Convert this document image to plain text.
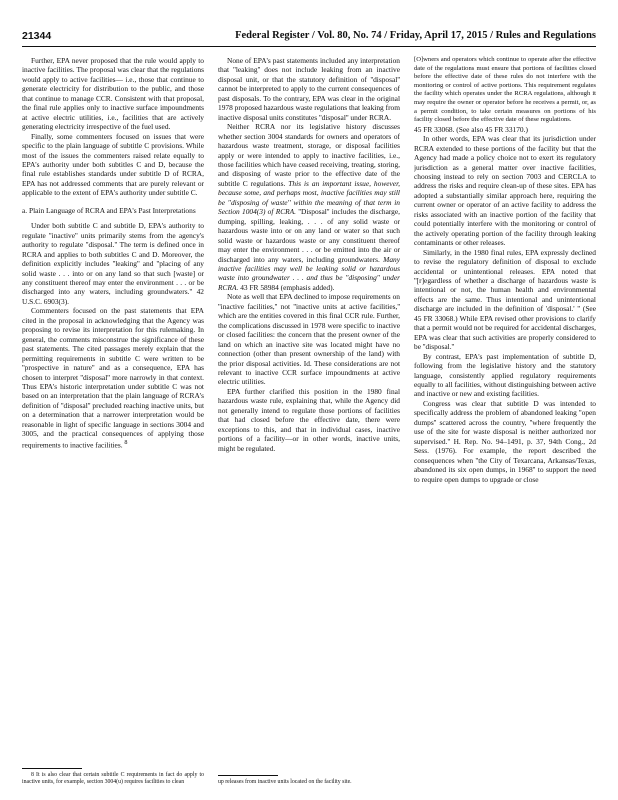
21344	Federal Register / Vol. 80, No. 74 / Friday, April 17, 2015 / Rules and Regulations

Further, EPA never proposed that the rule would apply to inactive facilities. The proposal was clear that the regulations would apply to active facilities— i.e., those that continue to generate electricity for distribution to the public, and those that continue to manage CCR. Consistent with that proposal, the final rule applies only to inactive surface impoundments at active electric utilities, i.e., facilities that are actively generating electricity irrespective of the fuel used.

Finally, some commenters focused on issues that were specific to the plain language of subtitle C provisions. While most of the issues the commenters raised relate equally to EPA's authority under both subtitles C and D, because the final rule establishes standards under subtitle D of RCRA, EPA has not addressed comments that are purely relevant or applicable to the extent of EPA's authority under subtitle C.

a. Plain Language of RCRA and EPA's Past Interpretations

Under both subtitle C and subtitle D, EPA's authority to regulate ''inactive'' units primarily stems from the agency's authority to regulate ''disposal.'' The term is defined once in RCRA and applies to both subtitles C and D. Moreover, the definition explicitly includes ''leaking'' and ''placing of any solid waste . . . into or on any land so that such [waste] or any constituent thereof may enter the environment . . . or be discharged into any waters, including groundwaters.'' 42 U.S.C. 6903(3).

Commenters focused on the past statements that EPA cited in the proposal in acknowledging that the Agency was proposing to revise its interpretation for this rulemaking. In general, the comments misconstrue the significance of these past statements. The cited passages merely explain that the permitting requirements in subtitle C were written to be ''prospective in nature'' and as a consequence, EPA has chosen to interpret ''disposal'' more narrowly in that context. Thus EPA's historic interpretation under subtitle C was not based on an interpretation that the plain language of RCRA's definition of ''disposal'' precluded reaching inactive units, but on a determination that a narrower interpretation would be reasonable in light of specific language in sections 3004 and 3005, and the practical consequences of applying those requirements to inactive facilities. $^8$

8 It is also clear that certain subtitle C requirements in fact do apply to inactive units, for example, section 3004(u) requires facilities to clean

None of EPA's past statements included any interpretation that ''leaking'' does not include leaking from an inactive disposal unit, or that the statutory definition of ''disposal'' cannot be interpreted to apply to the current consequences of past disposals. To the contrary, EPA was clear in the original 1978 proposed hazardous waste regulations that leaking from inactive disposal units constitutes ''disposal'' under RCRA.

Neither RCRA nor its legislative history discusses whether section 3004 standards for owners and operators of hazardous waste treatment, storage, or disposal facilities apply or were intended to apply to inactive facilities, i.e., those facilities which have ceased receiving, treating, storing, and disposing of waste prior to the effective date of the subtitle C regulations. This is an important issue, however, because some, and perhaps most, inactive facilities may still be ''disposing of waste'' within the meaning of that term in Section 1004(3) of RCRA. ''Disposal'' includes the discharge, dumping, spilling, leaking, . . . of any solid waste or hazardous waste into or on any land or water so that such solid waste or hazardous waste or any constituent thereof may enter the environment . . . or be emitted into the air or discharged into any waters, including groundwaters. Many inactive facilities may well be leaking solid or hazardous waste into groundwater . . . and thus be ''disposing'' under RCRA. 43 FR 58984 (emphasis added).

Note as well that EPA declined to impose requirements on ''inactive facilities,'' not ''inactive units at active facilities,'' which are the entities covered in this final CCR rule. Further, the complications discussed in 1978 were specific to inactive or closed facilities: the concern that the present owner of the land on which an inactive site was located might have no connection (other than present ownership of the land) with the prior disposal activities. Id. These considerations are not relevant to inactive CCR surface impoundments at active electric utilities.

EPA further clarified this position in the 1980 final hazardous waste rule, explaining that, while the Agency did not generally intend to regulate those portions of facilities that had closed before the effective date, there were exceptions to this, and that in individual cases, inactive portions of a facility—or in other words, inactive units, might be regulated.

up releases from inactive units located on the facility site.

[O]wners and operators which continue to operate after the effective date of the regulations must ensure that portions of facilities closed before the effective date of these rules do not interfere with the monitoring or control of active portions. This requirement regulates the facility which operates under the RCRA regulations, although it may require the owner or operator before he receives a permit, or, as a permit condition, to take certain measures on portions of his facility closed before the effective date of these regulations.

45 FR 33068. (See also 45 FR 33170.)

In other words, EPA was clear that its jurisdiction under RCRA extended to these portions of the facility but that the Agency had made a policy choice not to exert its regulatory jurisdiction as a general matter over inactive facilities, choosing instead to rely on section 7003 and CERCLA to address the risks and require clean-up of these sites. EPA has adopted a substantially similar approach here, requiring the current owner or operator of an active facility to address the risks associated with an inactive portion of the facility that could potentially interfere with the monitoring or control of the actively operating portion of the facility through leaking contaminants or other releases.

Similarly, in the 1980 final rules, EPA expressly declined to revise the regulatory definition of disposal to exclude accidental or unintentional releases. EPA noted that ''[r]egardless of whether a discharge of hazardous waste is intentional or not, the human health and environmental effects are the same. Thus intentional and unintentional discharge are included in the definition of 'disposal.' '' (See 45 FR 33068.) While EPA revised other provisions to clarify that a permit would not be required for accidental discharges, EPA was clear that such activities are properly considered to be ''disposal.''

By contrast, EPA's past implementation of subtitle D, following from the legislative history and the statutory language, consistently applied regulatory requirements equally to all facilities, without distinguishing between active and inactive or new and existing facilities.

Congress was clear that subtitle D was intended to specifically address the problem of abandoned leaking ''open dumps'' scattered across the country, ''where frequently the use of the site for waste disposal is neither authorized nor supervised.'' H. Rep. No. 94–1491, p. 37, 94th Cong., 2d Sess. (1976). For example, the report described the consequences when ''the City of Texarcana, Arkansas/Texas, abandoned its six open dumps, in 1968'' to support the need to require open dumps to upgrade or close
